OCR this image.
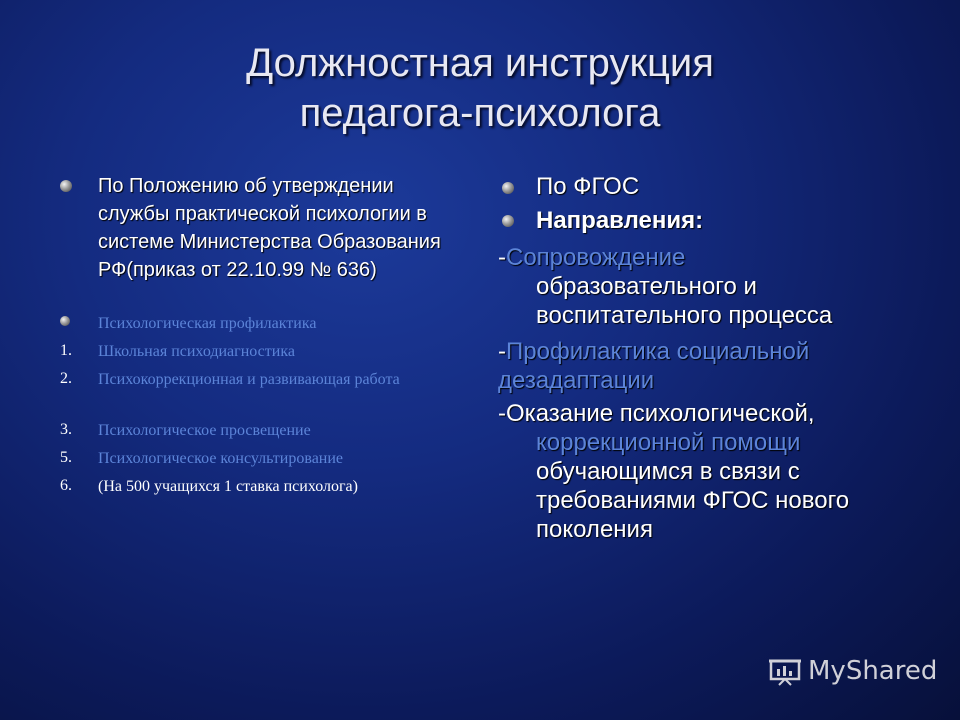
Должностная инструкция
педагога-психолога
По Положению об утверждении службы практической психологии в системе Министерства Образования РФ(приказ от 22.10.99 № 636)
Психологическая профилактика
1. Школьная психодиагностика
2. Психокоррекционная и развивающая работа
3. Психологическое просвещение
5. Психологическое консультирование
6. (На 500 учащихся 1 ставка психолога)
По ФГОС
Направления:
-Сопровождение
образовательного и воспитательного процесса
-Профилактика социальной дезадаптации
-Оказание психологической,
коррекционной помощи
обучающимся в связи с требованиями ФГОС нового поколения
MyShared
